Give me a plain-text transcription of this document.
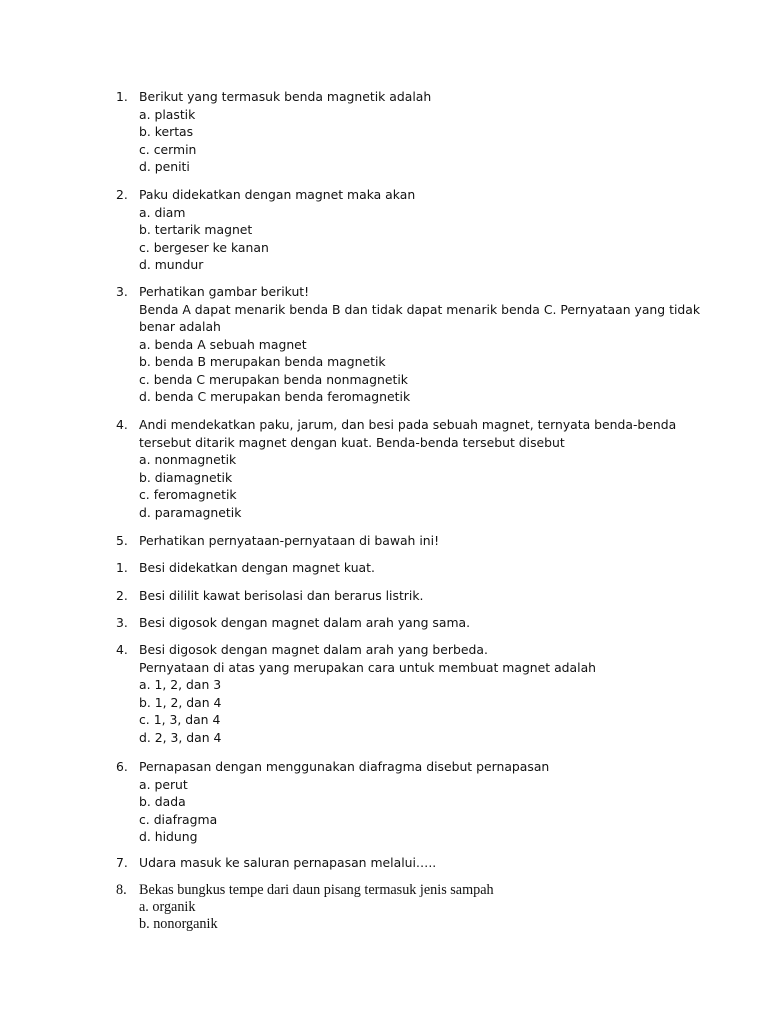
1. Berikut yang termasuk benda magnetik adalah
a. plastik
b. kertas
c. cermin
d. peniti
2. Paku didekatkan dengan magnet maka akan
a. diam
b. tertarik magnet
c. bergeser ke kanan
d. mundur
3. Perhatikan gambar berikut!
Benda A dapat menarik benda B dan tidak dapat menarik benda C. Pernyataan yang tidak
benar adalah
a. benda A sebuah magnet
b. benda B merupakan benda magnetik
c. benda C merupakan benda nonmagnetik
d. benda C merupakan benda feromagnetik
4. Andi mendekatkan paku, jarum, dan besi pada sebuah magnet, ternyata benda-benda
tersebut ditarik magnet dengan kuat. Benda-benda tersebut disebut
a. nonmagnetik
b. diamagnetik
c. feromagnetik
d. paramagnetik
5. Perhatikan pernyataan-pernyataan di bawah ini!
1. Besi didekatkan dengan magnet kuat.
2. Besi dililit kawat berisolasi dan berarus listrik.
3. Besi digosok dengan magnet dalam arah yang sama.
4. Besi digosok dengan magnet dalam arah yang berbeda.
Pernyataan di atas yang merupakan cara untuk membuat magnet adalah
a. 1, 2, dan 3
b. 1, 2, dan 4
c. 1, 3, dan 4
d. 2, 3, dan 4
6. Pernapasan dengan menggunakan diafragma disebut pernapasan
a. perut
b. dada
c. diafragma
d. hidung
7. Udara masuk ke saluran pernapasan melalui…..
8. Bekas bungkus tempe dari daun pisang termasuk jenis sampah
a. organik
b. nonorganik
